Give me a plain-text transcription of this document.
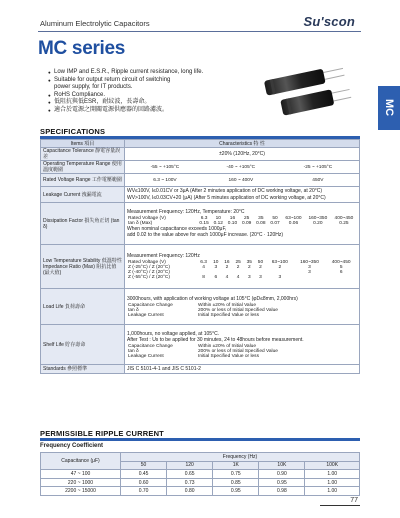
Aluminum Electrolytic Capacitors	Su'scon
MC series
MC
● Low IMP and E.S.R., Ripple current resistance, long life.
● Suitable for output return circuit of switching
power supply, for IT products.
● RoHS Compliance.
● 低阻抗與低ESR，耐紋波，長壽命。
● 適合於電源之開關電源供應器的回路濾波。
SPECIFICATIONS
Items 項目	Characteristics 特 性
Capacitance Tolerance 靜電容量誤差	±20% (120Hz, 20°C)
Operating Temperature Range 使用溫度範圍		-55 ~ +105°C	-40 ~ +105°C	-25 ~ +105°C

Rated Voltage Range 工作電壓範圍		6.3 ~ 100V	160 ~ 400V	450V

Leakage Current 洩漏電流	
WV≤100V, I≤0.01CV or 3μA (After 2 minutes application of DC working voltage, at 20°C)
WV>100V, I≤0.03CV+20 (μA) (After 5 minutes application of DC working voltage, at 20°C)

Dissipation Factor 損失角正切 (tan δ)	
Measurement Frequency: 120Hz, Temperature: 20°C
Rated Voltage (V)	6.3	10	16	25	35	50	63~100	160~350	400~450
tan δ (Max)	0.15	0.12	0.10	0.09	0.08	0.07	0.06	0.20	0.25
When nominal capacitance exceeds 1000μF,
add 0.02 to the value above for each 1000μF increase. (20°C · 120Hz)

Low Temperature Stability 低溫特性 Impedance Ratio (Max) 阻抗比值 (最大值)	
Measurement Frequency: 120Hz
Rated Voltage (V)	6.3	10	16	25	35	50	63~100	160~350	400~450
Z (-25°C) / Z (20°C)	4	3	2	2	2	2	2	3	5
Z (-40°C) / Z (20°C)								3	6
Z (-55°C) / Z (20°C)	8	6	4	4	3	3	3		

Load Life 負荷壽命	
3000hours, with application of working voltage at 105°C (φD≤8mm, 2,000hrs)
Capacitance Change	Within ±20% of Initial Value
tan δ	200% or less of Initial Specified Value
Leakage Current	Initial Specified Value or less

Shelf Life 貯存壽命	
1,000hours, no voltage applied, at 105°C.
After Test : Us to be applied for 30 minutes, 24 to 48hours before measurement.
Capacitance Change	Within ±20% of Initial Value
tan δ	200% or less of Initial Specified Value
Leakage Current	Initial Specified Value or less

Standards 參照標準	JIS C 5101-4-1 and JIS C 5101-2
PERMISSIBLE RIPPLE CURRENT
Frequency Coefficient
Capacitance (μF)	Frequency (Hz)				
	50	120	1K	10K	100K
47 ~ 100	0.45	0.65	0.75	0.90	1.00
220 ~ 1000	0.60	0.73	0.85	0.95	1.00
2200 ~ 15000	0.70	0.80	0.95	0.98	1.00
77
